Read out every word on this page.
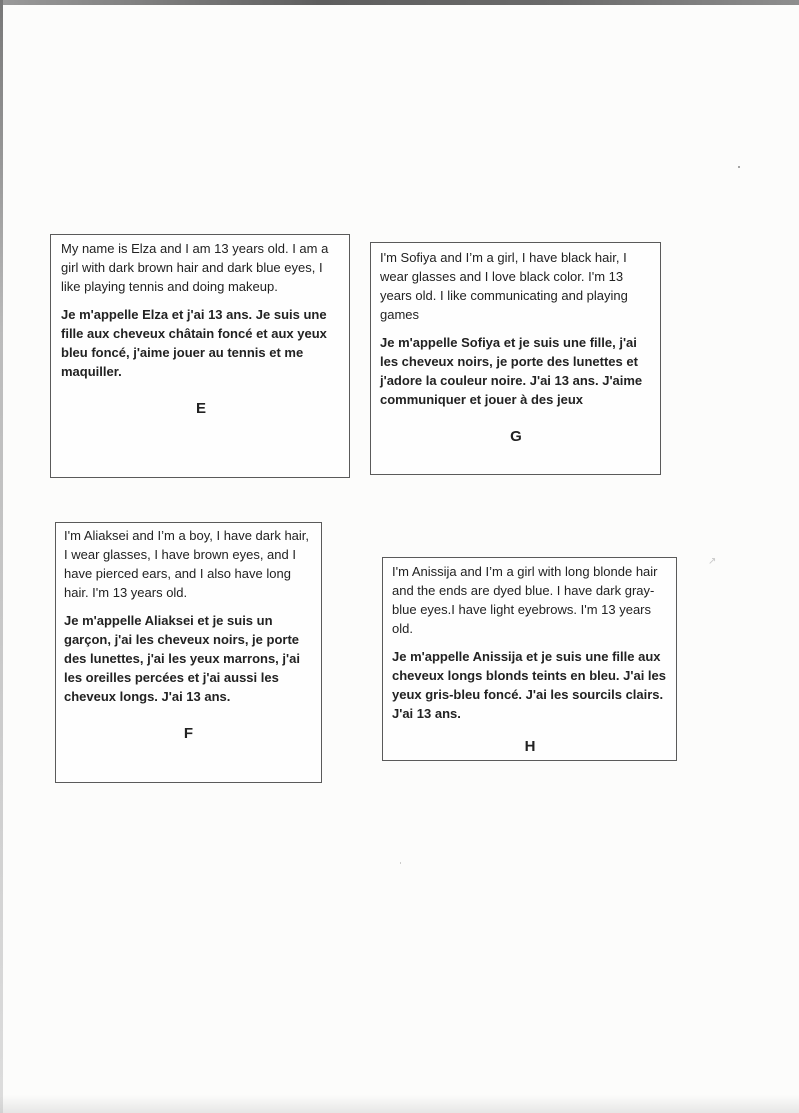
My name is Elza and I am 13 years old. I am a girl with dark brown hair and dark blue eyes, I like playing tennis and doing makeup.

Je m'appelle Elza et j'ai 13 ans. Je suis une fille aux cheveux châtain foncé et aux yeux bleu foncé, j'aime jouer au tennis et me maquiller.

E

I'm Sofiya and I’m a girl, I have black hair, I wear glasses and I love black color. I'm 13 years old. I like communicating and playing games

Je m'appelle Sofiya et je suis une fille, j'ai les cheveux noirs, je porte des lunettes et j'adore la couleur noire. J'ai 13 ans. J'aime communiquer et jouer à des jeux

G

I'm Aliaksei and I’m a boy, I have dark hair, I wear glasses, I have brown eyes, and I have pierced ears, and I also have long hair. I'm 13 years old.

Je m'appelle Aliaksei et je suis un garçon, j'ai les cheveux noirs, je porte des lunettes, j'ai les yeux marrons, j'ai les oreilles percées et j'ai aussi les cheveux longs. J'ai 13 ans.

F

I'm Anissija and I’m a girl with long blonde hair and the ends are dyed blue. I have dark gray-blue eyes.I have light eyebrows. I'm 13 years old.

Je m'appelle Anissija et je suis une fille aux cheveux longs blonds teints en bleu. J'ai les yeux gris-bleu foncé. J'ai les sourcils clairs. J'ai 13 ans.

H

↗
